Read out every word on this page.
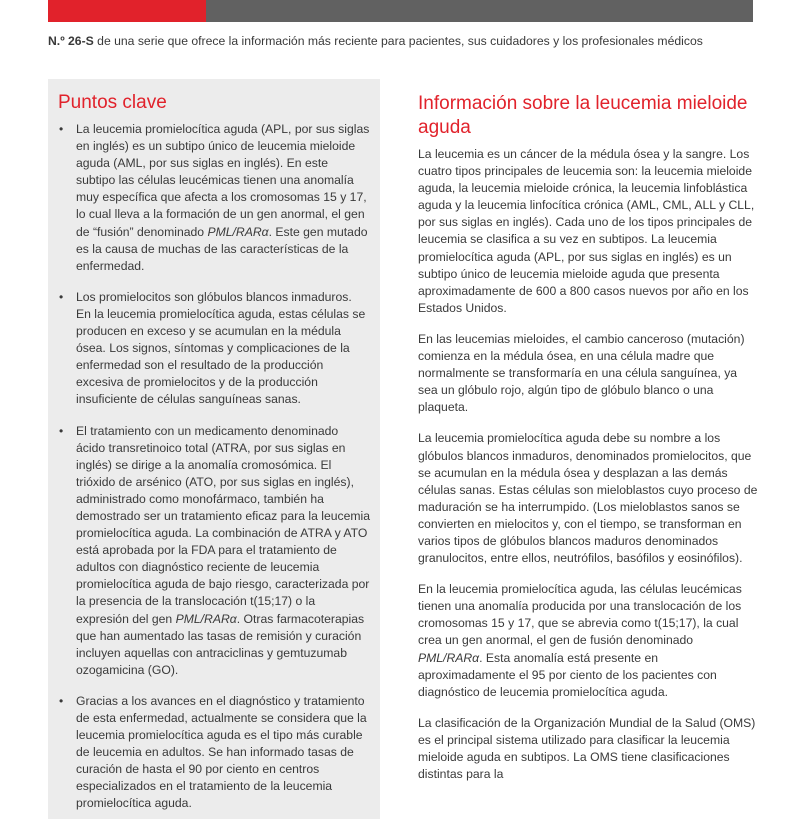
N.º 26-S de una serie que ofrece la información más reciente para pacientes, sus cuidadores y los profesionales médicos
Puntos clave
• La leucemia promielocítica aguda (APL, por sus siglas en inglés) es un subtipo único de leucemia mieloide aguda (AML, por sus siglas en inglés). En este subtipo las células leucémicas tienen una anomalía muy específica que afecta a los cromosomas 15 y 17, lo cual lleva a la formación de un gen anormal, el gen de “fusión” denominado PML/RARα. Este gen mutado es la causa de muchas de las características de la enfermedad.
• Los promielocitos son glóbulos blancos inmaduros. En la leucemia promielocítica aguda, estas células se producen en exceso y se acumulan en la médula ósea. Los signos, síntomas y complicaciones de la enfermedad son el resultado de la producción excesiva de promielocitos y de la producción insuficiente de células sanguíneas sanas.
• El tratamiento con un medicamento denominado ácido transretinoico total (ATRA, por sus siglas en inglés) se dirige a la anomalía cromosómica. El trióxido de arsénico (ATO, por sus siglas en inglés), administrado como monofármaco, también ha demostrado ser un tratamiento eficaz para la leucemia promielocítica aguda. La combinación de ATRA y ATO está aprobada por la FDA para el tratamiento de adultos con diagnóstico reciente de leucemia promielocítica aguda de bajo riesgo, caracterizada por la presencia de la translocación t(15;17) o la expresión del gen PML/RARα. Otras farmacoterapias que han aumentado las tasas de remisión y curación incluyen aquellas con antraciclinas y gemtuzumab ozogamicina (GO).
• Gracias a los avances en el diagnóstico y tratamiento de esta enfermedad, actualmente se considera que la leucemia promielocítica aguda es el tipo más curable de leucemia en adultos. Se han informado tasas de curación de hasta el 90 por ciento en centros especializados en el tratamiento de la leucemia promielocítica aguda.
Información sobre la leucemia mieloide aguda

La leucemia es un cáncer de la médula ósea y la sangre. Los cuatro tipos principales de leucemia son: la leucemia mieloide aguda, la leucemia mieloide crónica, la leucemia linfoblástica aguda y la leucemia linfocítica crónica (AML, CML, ALL y CLL, por sus siglas en inglés). Cada uno de los tipos principales de leucemia se clasifica a su vez en subtipos. La leucemia promielocítica aguda (APL, por sus siglas en inglés) es un subtipo único de leucemia mieloide aguda que presenta aproximadamente de 600 a 800 casos nuevos por año en los Estados Unidos.

En las leucemias mieloides, el cambio canceroso (mutación) comienza en la médula ósea, en una célula madre que normalmente se transformaría en una célula sanguínea, ya sea un glóbulo rojo, algún tipo de glóbulo blanco o una plaqueta.

La leucemia promielocítica aguda debe su nombre a los glóbulos blancos inmaduros, denominados promielocitos, que se acumulan en la médula ósea y desplazan a las demás células sanas. Estas células son mieloblastos cuyo proceso de maduración se ha interrumpido. (Los mieloblastos sanos se convierten en mielocitos y, con el tiempo, se transforman en varios tipos de glóbulos blancos maduros denominados granulocitos, entre ellos, neutrófilos, basófilos y eosinófilos).

En la leucemia promielocítica aguda, las células leucémicas tienen una anomalía producida por una translocación de los cromosomas 15 y 17, que se abrevia como t(15;17), la cual crea un gen anormal, el gen de fusión denominado PML/RARα. Esta anomalía está presente en aproximadamente el 95 por ciento de los pacientes con diagnóstico de leucemia promielocítica aguda.

La clasificación de la Organización Mundial de la Salud (OMS) es el principal sistema utilizado para clasificar la leucemia mieloide aguda en subtipos. La OMS tiene clasificaciones distintas para la
